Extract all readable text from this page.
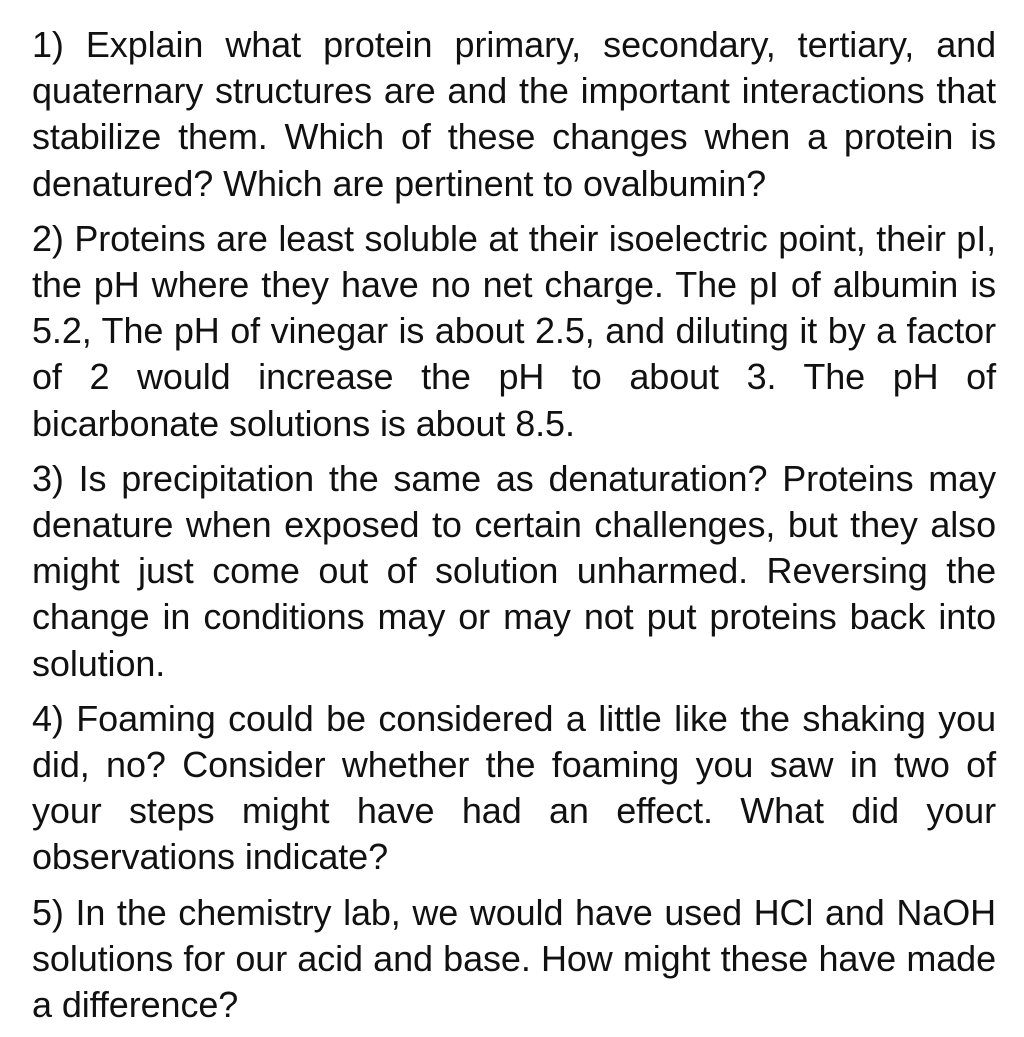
1) Explain what protein primary, secondary, tertiary, and quaternary structures are and the important interactions that stabilize them. Which of these changes when a protein is denatured? Which are pertinent to ovalbumin?

2) Proteins are least soluble at their isoelectric point, their pI, the pH where they have no net charge. The pI of albumin is 5.2, The pH of vinegar is about 2.5, and diluting it by a factor of 2 would increase the pH to about 3. The pH of bicarbonate solutions is about 8.5.

3) Is precipitation the same as denaturation? Proteins may denature when exposed to certain challenges, but they also might just come out of solution unharmed. Reversing the change in conditions may or may not put proteins back into solution.

4) Foaming could be considered a little like the shaking you did, no? Consider whether the foaming you saw in two of your steps might have had an effect. What did your observations indicate?

5) In the chemistry lab, we would have used HCl and NaOH solutions for our acid and base. How might these have made a difference?
